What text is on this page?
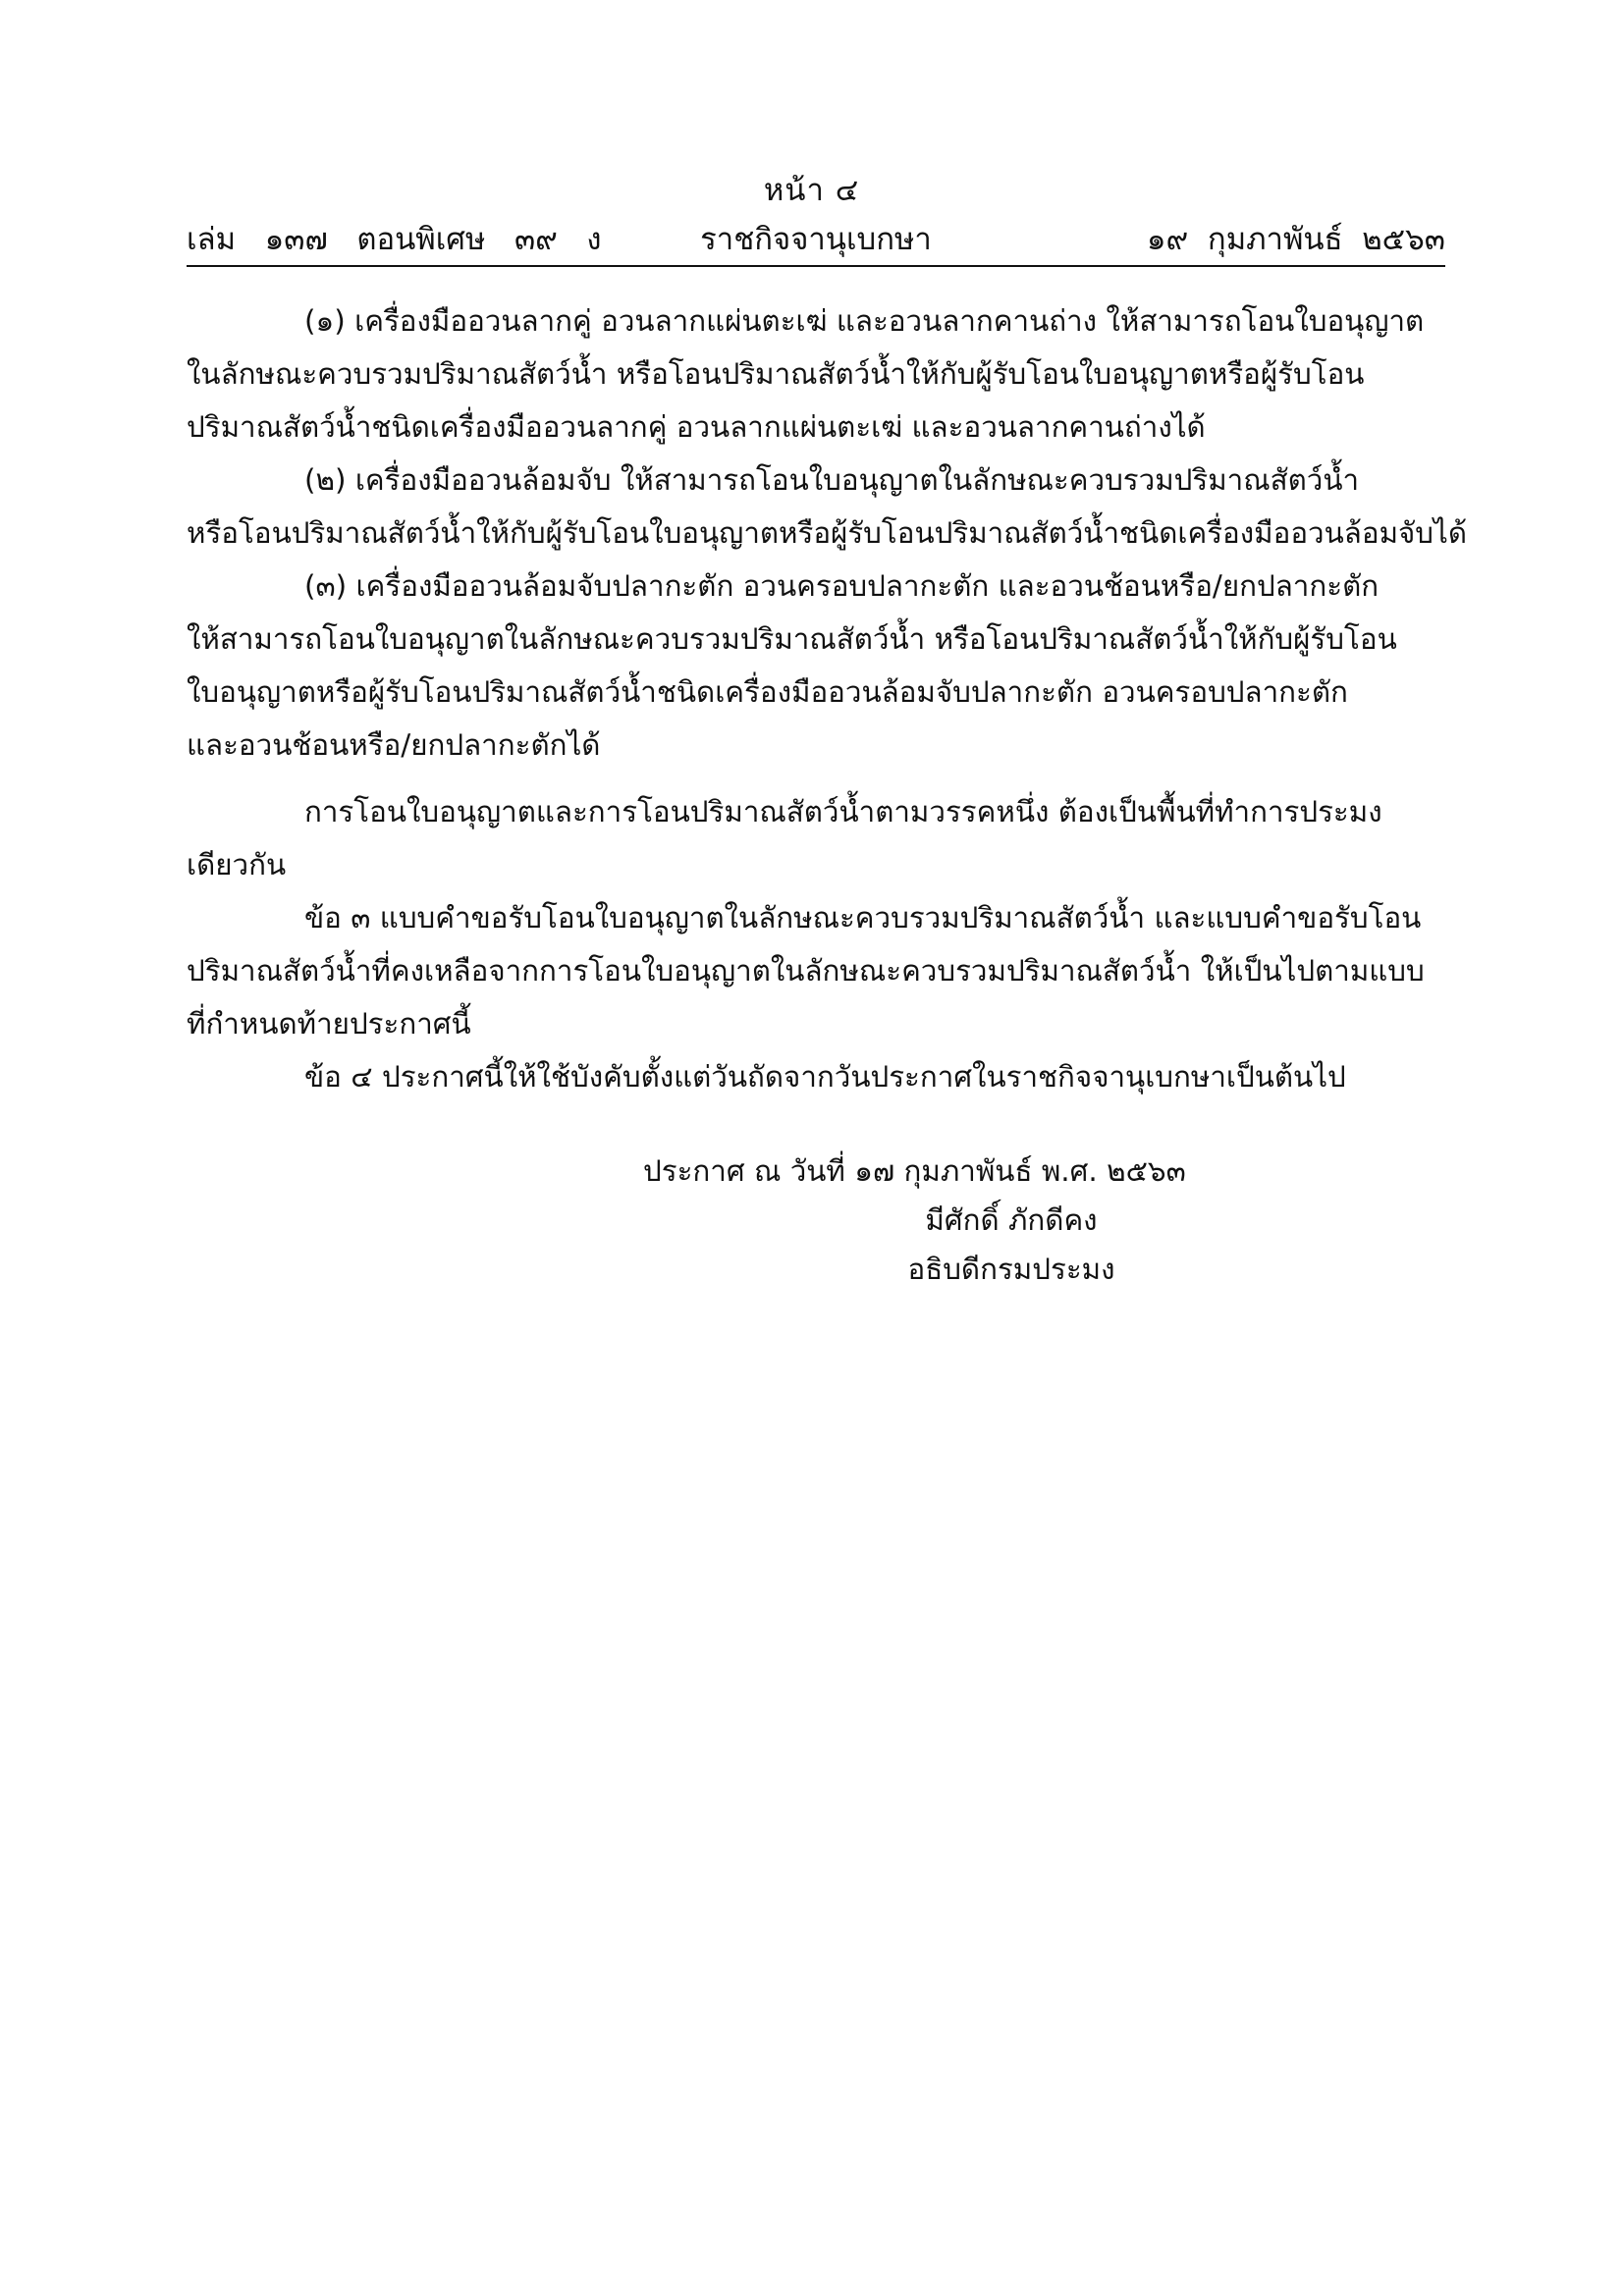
หน้า ๔
เล่ม   ๑๓๗   ตอนพิเศษ   ๓๙   ง	ราชกิจจานุเบกษา	๑๙  กุมภาพันธ์  ๒๕๖๓
(๑) เครื่องมืออวนลากคู่ อวนลากแผ่นตะเฆ่ และอวนลากคานถ่าง ให้สามารถโอนใบอนุญาต
ในลักษณะควบรวมปริมาณสัตว์น้ำ หรือโอนปริมาณสัตว์น้ำให้กับผู้รับโอนใบอนุญาตหรือผู้รับโอน
ปริมาณสัตว์น้ำชนิดเครื่องมืออวนลากคู่ อวนลากแผ่นตะเฆ่ และอวนลากคานถ่างได้
(๒) เครื่องมืออวนล้อมจับ ให้สามารถโอนใบอนุญาตในลักษณะควบรวมปริมาณสัตว์น้ำ
หรือโอนปริมาณสัตว์น้ำให้กับผู้รับโอนใบอนุญาตหรือผู้รับโอนปริมาณสัตว์น้ำชนิดเครื่องมืออวนล้อมจับได้
(๓) เครื่องมืออวนล้อมจับปลากะตัก อวนครอบปลากะตัก และอวนช้อนหรือ/ยกปลากะตัก
ให้สามารถโอนใบอนุญาตในลักษณะควบรวมปริมาณสัตว์น้ำ หรือโอนปริมาณสัตว์น้ำให้กับผู้รับโอน
ใบอนุญาตหรือผู้รับโอนปริมาณสัตว์น้ำชนิดเครื่องมืออวนล้อมจับปลากะตัก อวนครอบปลากะตัก
และอวนช้อนหรือ/ยกปลากะตักได้
การโอนใบอนุญาตและการโอนปริมาณสัตว์น้ำตามวรรคหนึ่ง ต้องเป็นพื้นที่ทำการประมง
เดียวกัน
ข้อ ๓ แบบคำขอรับโอนใบอนุญาตในลักษณะควบรวมปริมาณสัตว์น้ำ และแบบคำขอรับโอน
ปริมาณสัตว์น้ำที่คงเหลือจากการโอนใบอนุญาตในลักษณะควบรวมปริมาณสัตว์น้ำ ให้เป็นไปตามแบบ
ที่กำหนดท้ายประกาศนี้
ข้อ ๔ ประกาศนี้ให้ใช้บังคับตั้งแต่วันถัดจากวันประกาศในราชกิจจานุเบกษาเป็นต้นไป
ประกาศ ณ วันที่ ๑๗ กุมภาพันธ์ พ.ศ. ๒๕๖๓
มีศักดิ์ ภักดีคง
อธิบดีกรมประมง
